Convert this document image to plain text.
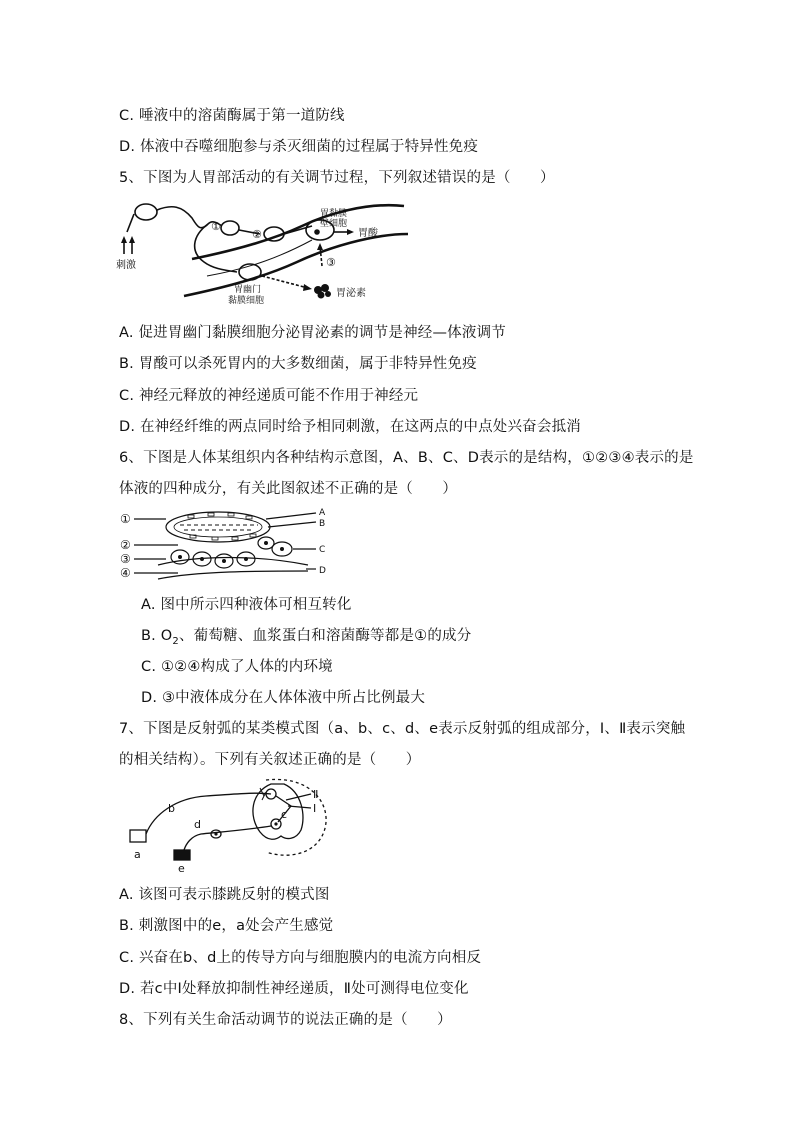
C. 唾液中的溶菌酶属于第一道防线
D. 体液中吞噬细胞参与杀灭细菌的过程属于特异性免疫
5、下图为人胃部活动的有关调节过程，下列叙述错误的是（　　）
刺激
①
②
③
胃黏膜
壁细胞
胃酸
胃幽门
黏膜细胞
胃泌素
A. 促进胃幽门黏膜细胞分泌胃泌素的调节是神经—体液调节
B. 胃酸可以杀死胃内的大多数细菌，属于非特异性免疫
C. 神经元释放的神经递质可能不作用于神经元
D. 在神经纤维的两点同时给予相同刺激，在这两点的中点处兴奋会抵消
6、下图是人体某组织内各种结构示意图，A、B、C、D表示的是结构，①②③④表示的是
体液的四种成分，有关此图叙述不正确的是（　　）
①
②
③
④
A
B
C
D
A. 图中所示四种液体可相互转化
B. $O_2$、葡萄糖、血浆蛋白和溶菌酶等都是①的成分
C. ①②④构成了人体的内环境
D. ③中液体成分在人体体液中所占比例最大
7、下图是反射弧的某类模式图（a、b、c、d、e表示反射弧的组成部分，Ⅰ、Ⅱ表示突触
的相关结构）。下列有关叙述正确的是（　　）
a
b	c
d
e
Ⅱ
Ⅰ
A. 该图可表示膝跳反射的模式图
B. 刺激图中的e，a处会产生感觉
C. 兴奋在b、d上的传导方向与细胞膜内的电流方向相反
D. 若c中Ⅰ处释放抑制性神经递质，Ⅱ处可测得电位变化
8、下列有关生命活动调节的说法正确的是（　　）
